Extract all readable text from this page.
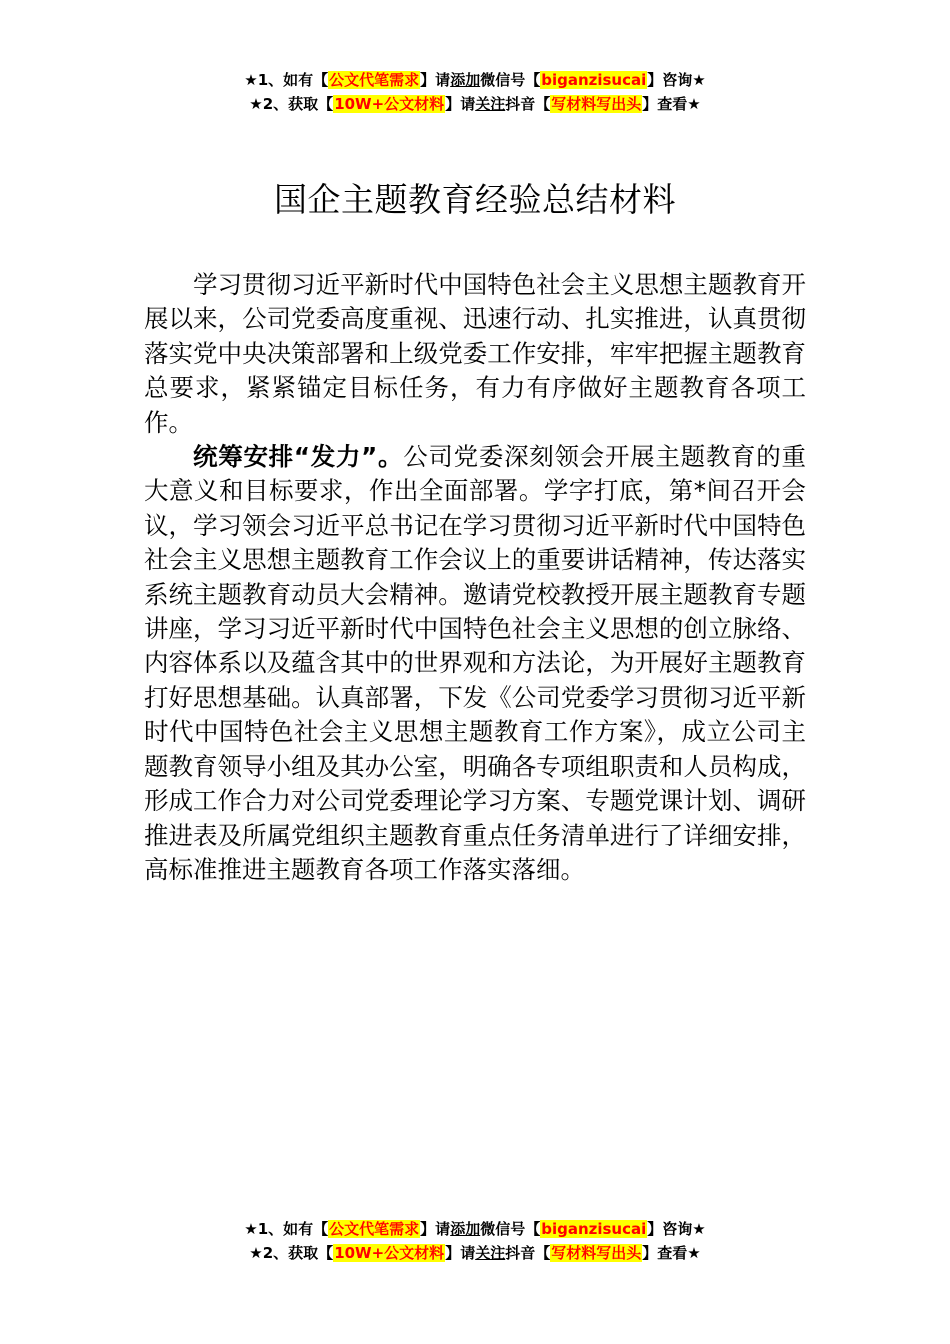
★1、如有【公文代笔需求】请添加微信号【biganzisucai】咨询★
★2、获取【10W+公文材料】请关注抖音【写材料写出头】查看★
国企主题教育经验总结材料

学习贯彻习近平新时代中国特色社会主义思想主题教育开展以来，公司党委高度重视、迅速行动、扎实推进，认真贯彻落实党中央决策部署和上级党委工作安排，牢牢把握主题教育总要求，紧紧锚定目标任务，有力有序做好主题教育各项工作。

统筹安排“发力”。公司党委深刻领会开展主题教育的重大意义和目标要求，作出全面部署。学字打底，第*间召开会议，学习领会习近平总书记在学习贯彻习近平新时代中国特色社会主义思想主题教育工作会议上的重要讲话精神，传达落实系统主题教育动员大会精神。邀请党校教授开展主题教育专题讲座，学习习近平新时代中国特色社会主义思想的创立脉络、内容体系以及蕴含其中的世界观和方法论，为开展好主题教育打好思想基础。认真部署，下发《公司党委学习贯彻习近平新时代中国特色社会主义思想主题教育工作方案》，成立公司主题教育领导小组及其办公室，明确各专项组职责和人员构成，形成工作合力对公司党委理论学习方案、专题党课计划、调研推进表及所属党组织主题教育重点任务清单进行了详细安排，高标准推进主题教育各项工作落实落细。

★1、如有【公文代笔需求】请添加微信号【biganzisucai】咨询★
★2、获取【10W+公文材料】请关注抖音【写材料写出头】查看★
